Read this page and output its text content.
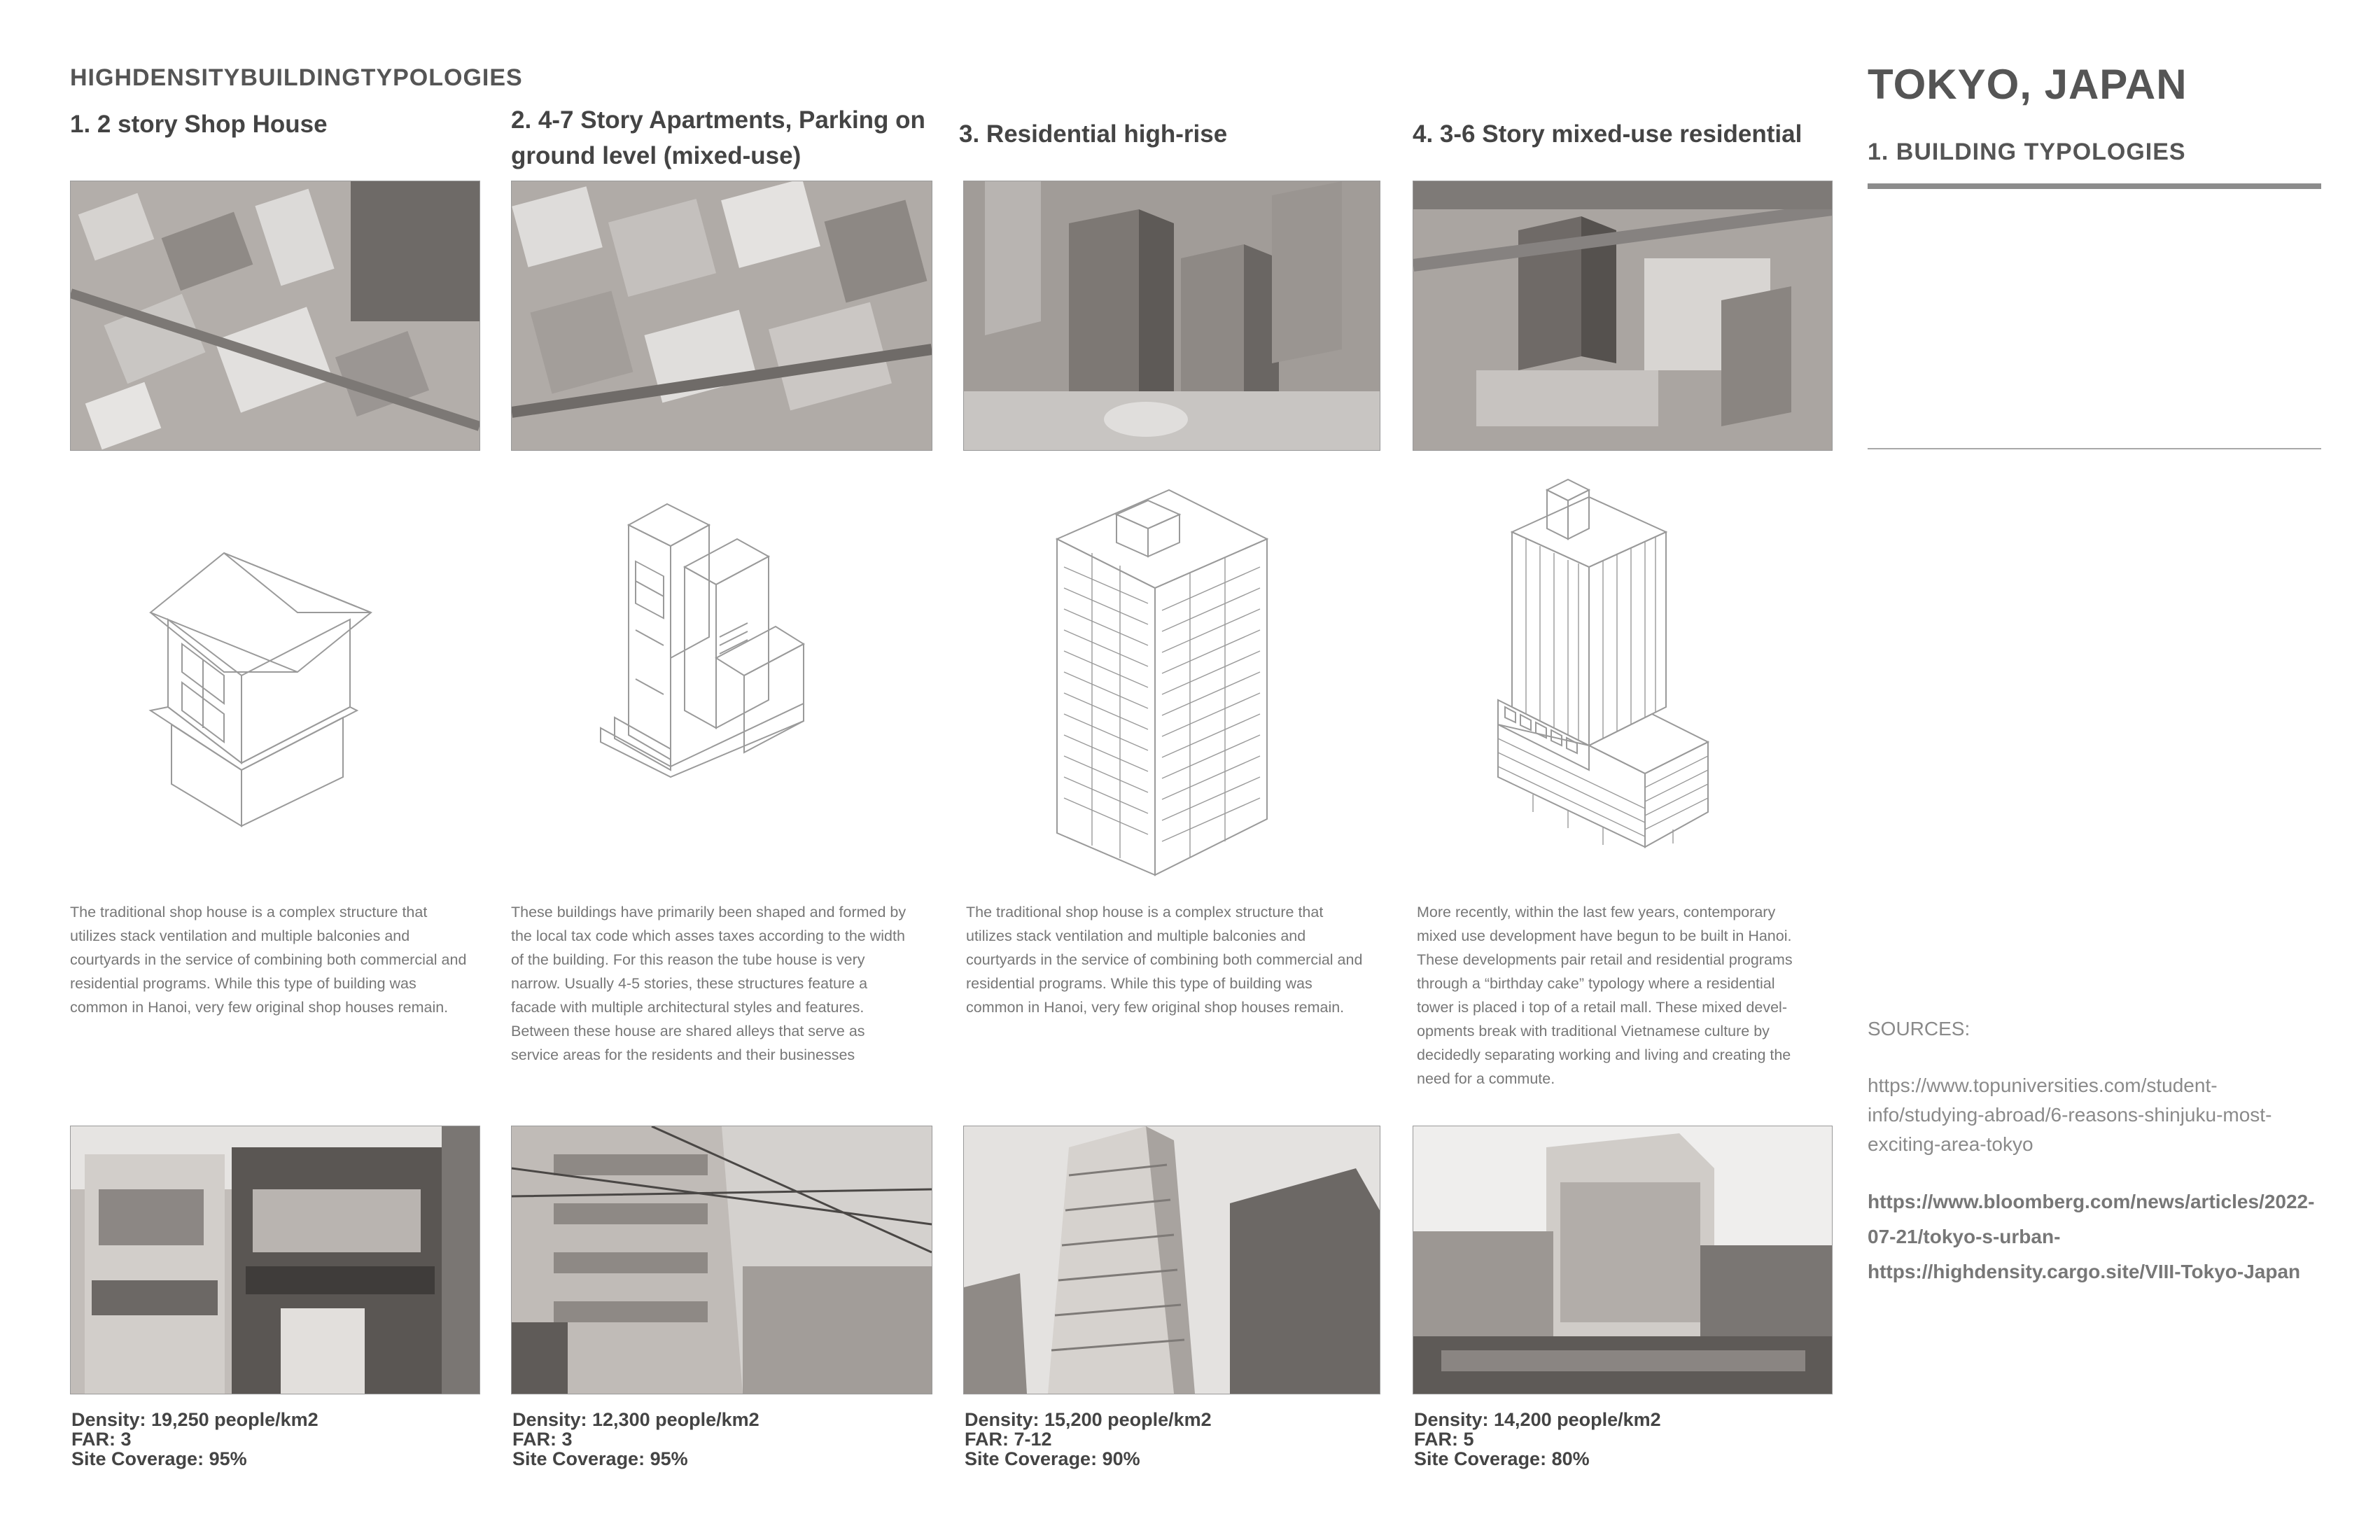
HIGHDENSITYBUILDINGTYPOLOGIES
1. 2 story Shop House	2. 4-7 Story Apartments, Parking on ground level (mixed-use)
3. Residential high-rise	4. 3-6 Story mixed-use residential
The traditional shop house is a complex structure that utilizes stack ventilation and multiple balconies and courtyards in the service of combining both commercial and residential programs. While this type of building was common in Hanoi, very few original shop houses remain.
These buildings have primarily been shaped and formed by the local tax code which asses taxes according to the width of the building. For this reason the tube house is very narrow. Usually 4-5 stories, these structures feature a facade with multiple architectural styles and features. Between these house are shared alleys that serve as service areas for the residents and their businesses
The traditional shop house is a complex structure that utilizes stack ventilation and multiple balconies and courtyards in the service of combining both commercial and residential programs. While this type of building was common in Hanoi, very few original shop houses remain.
More recently, within the last few years, contemporary mixed use development have begun to be built in Hanoi. These developments pair retail and residential programs through a “birthday cake” typology where a residential tower is placed i top of a retail mall. These mixed devel-opments break with traditional Vietnamese culture by decidedly separating working and living and creating the need for a commute.
Density: 19,250 people/km2
FAR: 3
Site Coverage: 95%
Density: 12,300 people/km2
FAR: 3
Site Coverage: 95%
Density: 15,200 people/km2
FAR: 7-12
Site Coverage: 90%
Density: 14,200 people/km2
FAR: 5
Site Coverage: 80%
TOKYO, JAPAN
1. BUILDING TYPOLOGIES
SOURCES:
https://www.topuniversities.com/student-info/studying-abroad/6-reasons-shinjuku-most-exciting-area-tokyo
https://www.bloomberg.com/news/articles/2022-07-21/tokyo-s-urban-
https://highdensity.cargo.site/VIII-Tokyo-Japan
